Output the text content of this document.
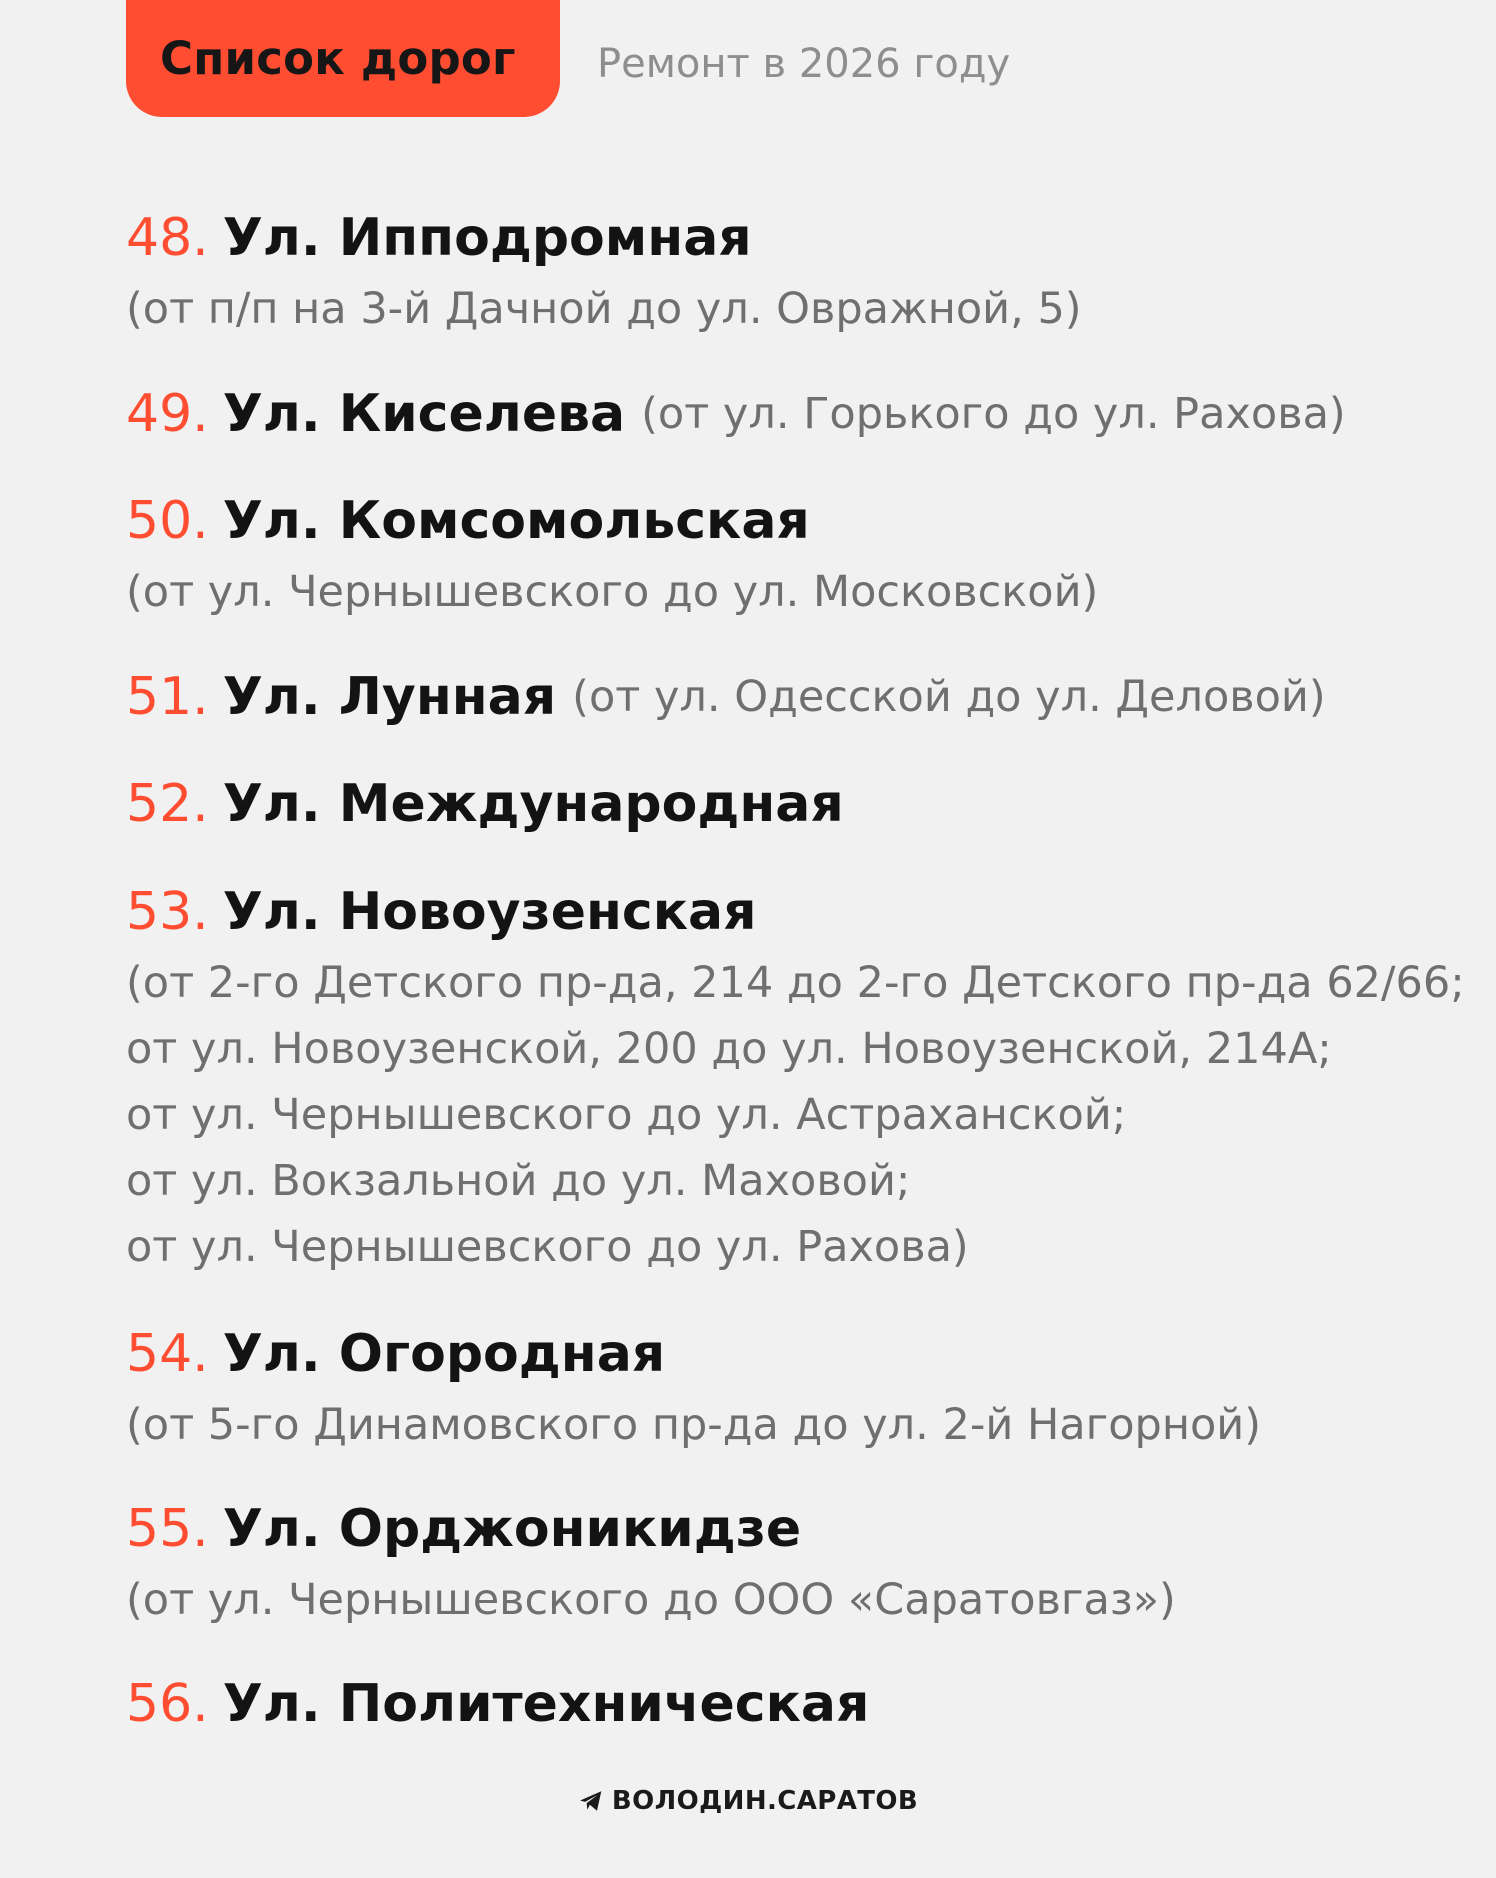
Список дорог Ремонт в 2026 году
48. Ул. Ипподромная
(от п/п на 3-й Дачной до ул. Овражной, 5)
49. Ул. Киселева (от ул. Горького до ул. Рахова)
50. Ул. Комсомольская
(от ул. Чернышевского до ул. Московской)
51. Ул. Лунная (от ул. Одесской до ул. Деловой)
52. Ул. Международная
53. Ул. Новоузенская
(от 2-го Детского пр-да, 214 до 2-го Детского пр-да 62/66;
от ул. Новоузенской, 200 до ул. Новоузенской, 214А;
от ул. Чернышевского до ул. Астраханской;
от ул. Вокзальной до ул. Маховой;
от ул. Чернышевского до ул. Рахова)
54. Ул. Огородная
(от 5-го Динамовского пр-да до ул. 2-й Нагорной)
55. Ул. Орджоникидзе
(от ул. Чернышевского до ООО «Саратовгаз»)
56. Ул. Политехническая
ВОЛОДИН.САРАТОВ
